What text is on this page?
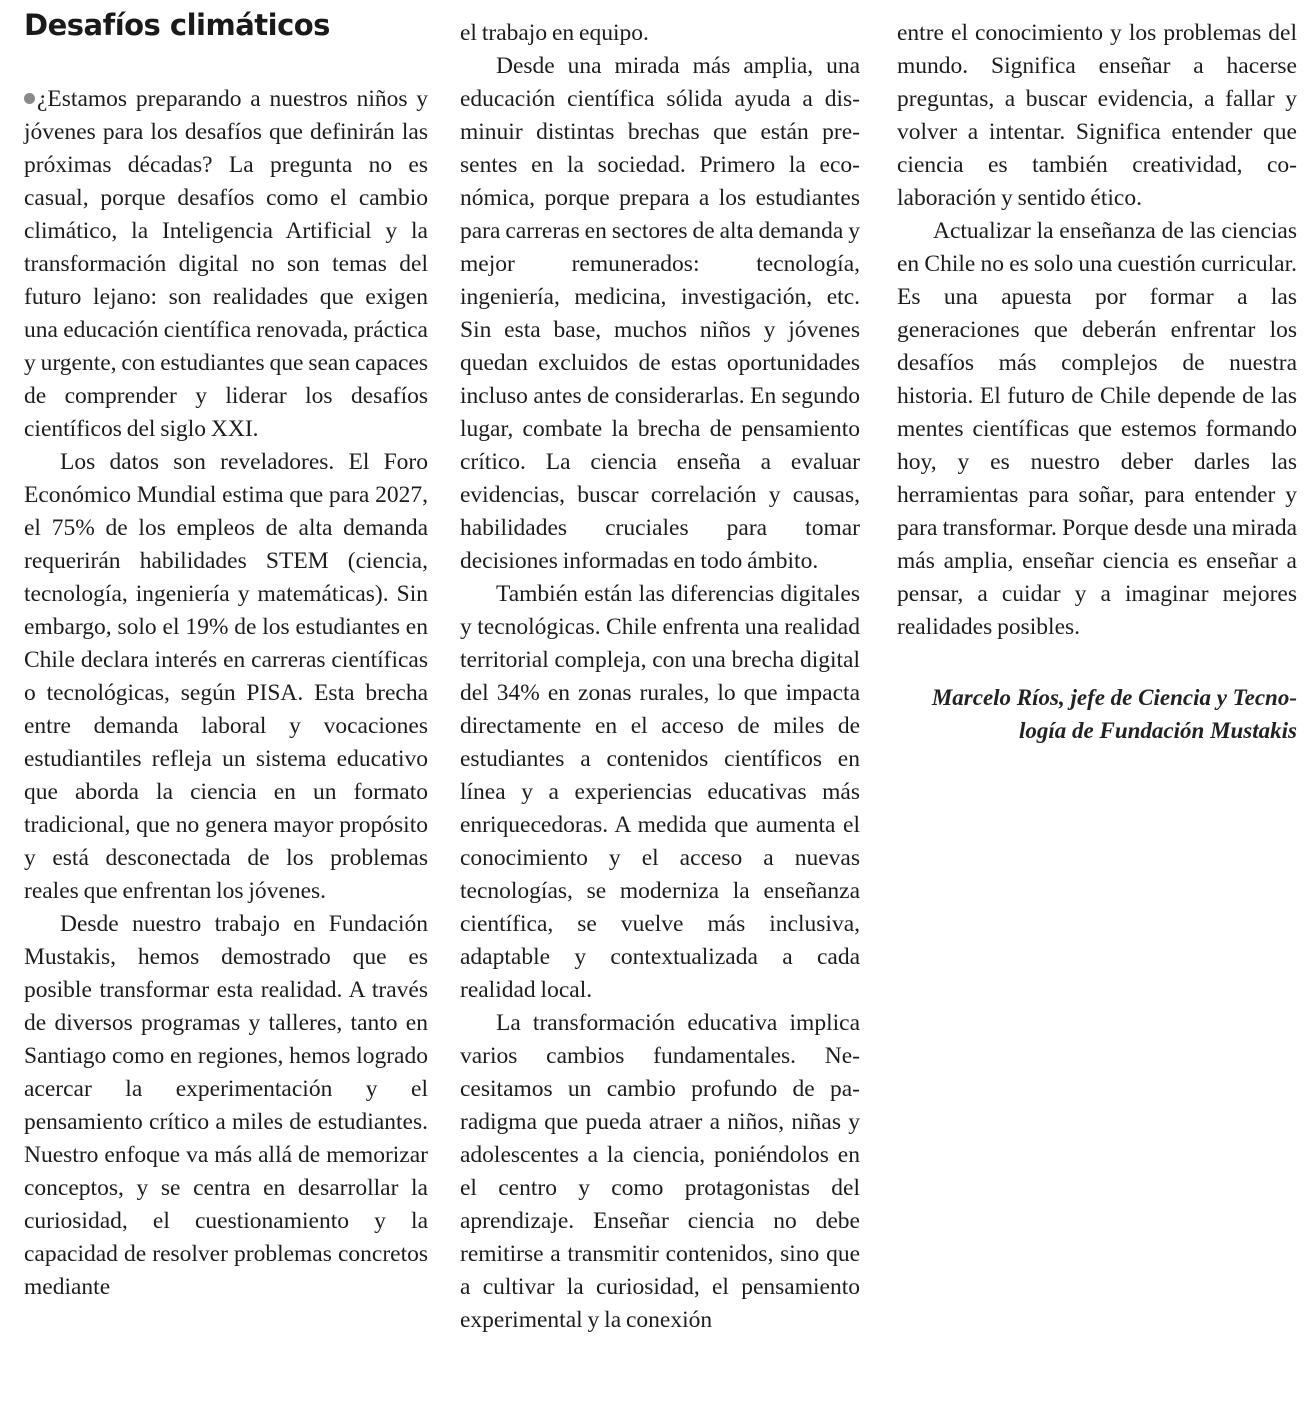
Desafíos climáticos

¿Estamos preparando a nuestros niños y jóvenes para los desafíos que definirán las próximas décadas? La pregunta no es casual, porque desafíos como el cambio climático, la Inteligencia Artificial y la transformación digital no son temas del futuro lejano: son realidades que exigen una educación científica renovada, práctica y urgente, con estudiantes que sean capaces de comprender y liderar los desafíos científicos del siglo XXI.

Los datos son reveladores. El Foro Económico Mundial estima que para 2027, el 75% de los empleos de alta demanda requerirán habilidades STEM (ciencia, tecnología, ingeniería y matemáticas). Sin embargo, solo el 19% de los estudiantes en Chile declara interés en carreras científicas o tecnológicas, según PISA. Esta brecha entre demanda laboral y vocaciones estudiantiles refleja un sistema educativo que aborda la ciencia en un formato tradicional, que no genera mayor propósito y está desconectada de los problemas reales que enfrentan los jóvenes.

Desde nuestro trabajo en Fundación Mustakis, hemos demostrado que es posible transformar esta realidad. A través de diversos programas y talleres, tanto en Santiago como en regiones, hemos logrado acercar la experimentación y el pensamiento crítico a miles de estudiantes. Nuestro enfoque va más allá de memorizar conceptos, y se centra en desarrollar la curiosidad, el cuestionamiento y la capacidad de resolver problemas concretos mediante

el trabajo en equipo.

Desde una mirada más amplia, una educación científica sólida ayuda a disminuir distintas brechas que están presentes en la sociedad. Primero la económica, porque prepara a los estudiantes para carreras en sectores de alta demanda y mejor remunerados: tecnología, ingeniería, medicina, investigación, etc. Sin esta base, muchos niños y jóvenes quedan excluidos de estas oportunidades incluso antes de considerarlas. En segundo lugar, combate la brecha de pensamiento crítico. La ciencia enseña a evaluar evidencias, buscar correlación y causas, habilidades cruciales para tomar decisiones informadas en todo ámbito.

También están las diferencias digitales y tecnológicas. Chile enfrenta una realidad territorial compleja, con una brecha digital del 34% en zonas rurales, lo que impacta directamente en el acceso de miles de estudiantes a contenidos científicos en línea y a experiencias educativas más enriquecedoras. A medida que aumenta el conocimiento y el acceso a nuevas tecnologías, se moderniza la enseñanza científica, se vuelve más inclusiva, adaptable y contextualizada a cada realidad local.

La transformación educativa implica varios cambios fundamentales. Necesitamos un cambio profundo de paradigma que pueda atraer a niños, niñas y adolescentes a la ciencia, poniéndolos en el centro y como protagonistas del aprendizaje. Enseñar ciencia no debe remitirse a transmitir contenidos, sino que a cultivar la curiosidad, el pensamiento experimental y la conexión

entre el conocimiento y los problemas del mundo. Significa enseñar a hacerse preguntas, a buscar evidencia, a fallar y volver a intentar. Significa entender que ciencia es también creatividad, colaboración y sentido ético.

Actualizar la enseñanza de las ciencias en Chile no es solo una cuestión curricular. Es una apuesta por formar a las generaciones que deberán enfrentar los desafíos más complejos de nuestra historia. El futuro de Chile depende de las mentes científicas que estemos formando hoy, y es nuestro deber darles las herramientas para soñar, para entender y para transformar. Porque desde una mirada más amplia, enseñar ciencia es enseñar a pensar, a cuidar y a imaginar mejores realidades posibles.

Marcelo Ríos, jefe de Ciencia y Tecnología de Fundación Mustakis
